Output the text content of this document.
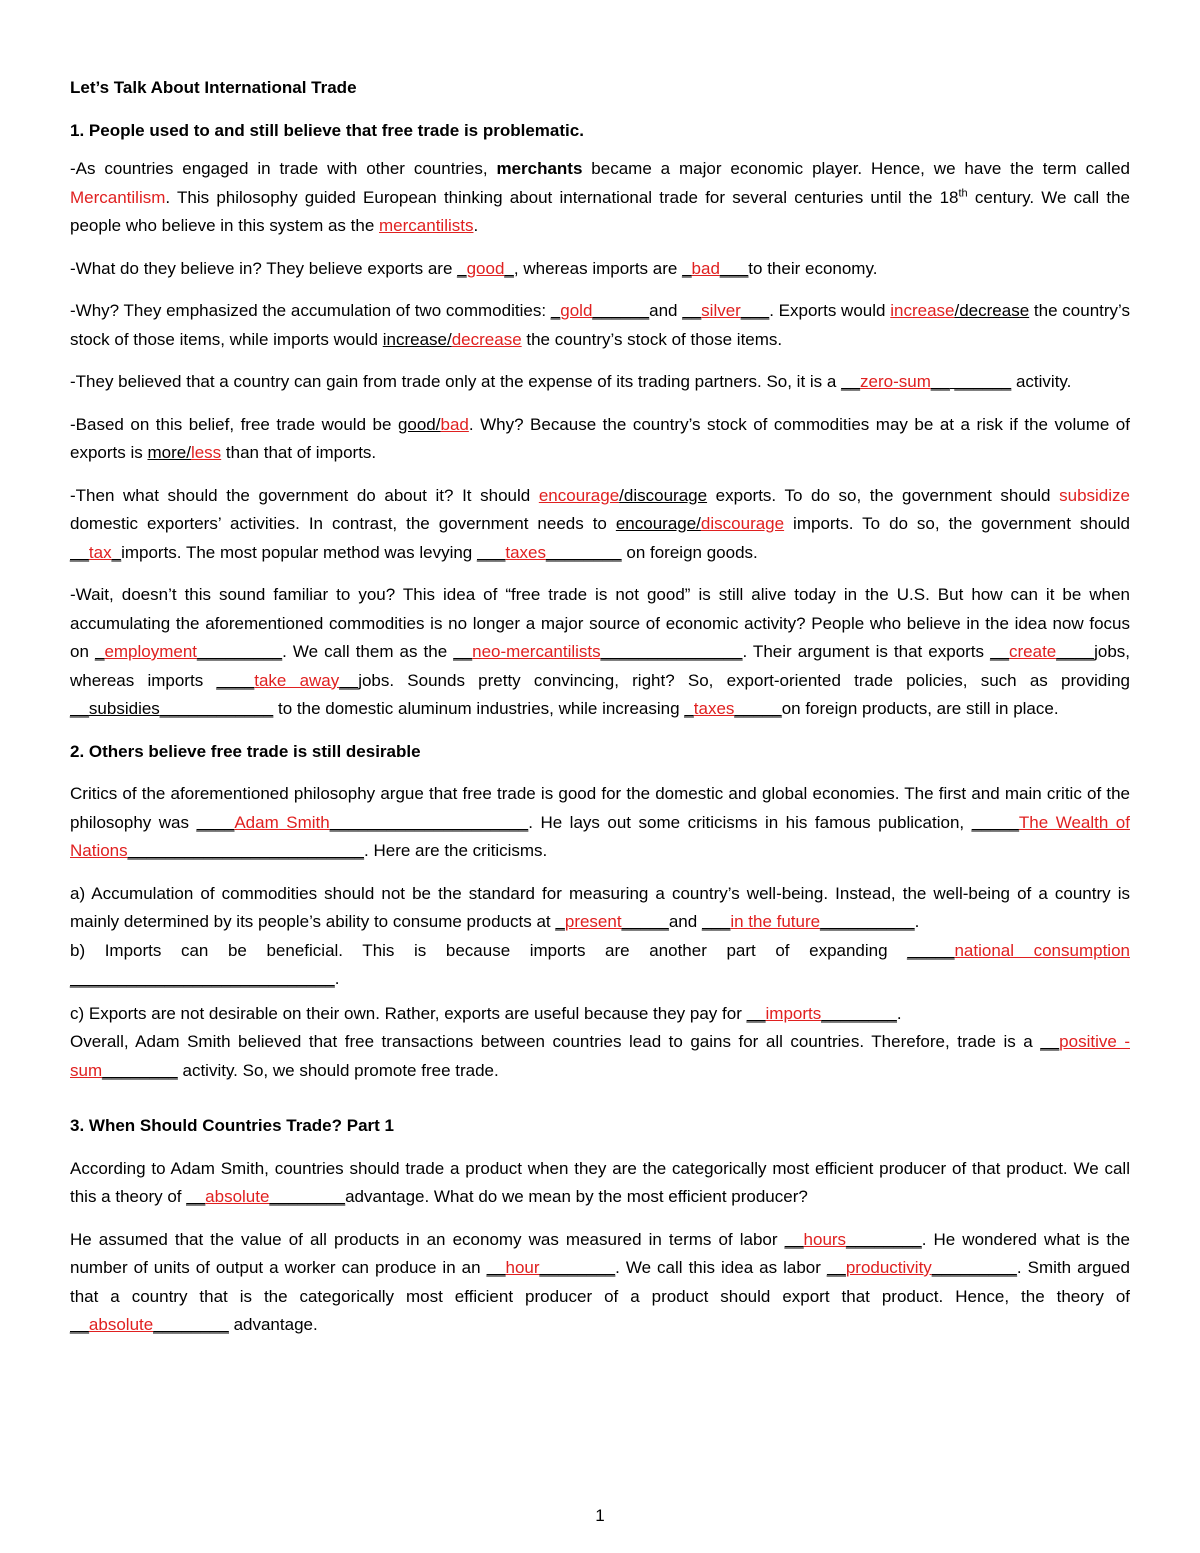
Let’s Talk About International Trade

1. People used to and still believe that free trade is problematic.

-As countries engaged in trade with other countries, merchants became a major economic player. Hence, we have the term called Mercantilism. This philosophy guided European thinking about international trade for several centuries until the 18th century. We call the people who believe in this system as the mercantilists.

-What do they believe in? They believe exports are _good_, whereas imports are _bad___to their economy.

-Why? They emphasized the accumulation of two commodities: _gold______and __silver___. Exports would increase/decrease the country’s stock of those items, while imports would increase/decrease the country’s stock of those items.

-They believed that a country can gain from trade only at the expense of its trading partners. So, it is a __zero-sum__ ______ activity.

-Based on this belief, free trade would be good/bad. Why? Because the country’s stock of commodities may be at a risk if the volume of exports is more/less than that of imports.

-Then what should the government do about it? It should encourage/discourage exports. To do so, the government should subsidize domestic exporters’ activities. In contrast, the government needs to encourage/discourage imports. To do so, the government should __tax_imports. The most popular method was levying ___taxes________ on foreign goods.

-Wait, doesn’t this sound familiar to you? This idea of “free trade is not good” is still alive today in the U.S. But how can it be when accumulating the aforementioned commodities is no longer a major source of economic activity? People who believe in the idea now focus on _employment_________. We call them as the __neo-mercantilists_______________. Their argument is that exports __create____jobs, whereas imports ____take away__jobs. Sounds pretty convincing, right? So, export-oriented trade policies, such as providing __subsidies____________ to the domestic aluminum industries, while increasing _taxes_____on foreign products, are still in place.

2. Others believe free trade is still desirable

Critics of the aforementioned philosophy argue that free trade is good for the domestic and global economies. The first and main critic of the philosophy was ____Adam Smith_____________________. He lays out some criticisms in his famous publication, _____The Wealth of Nations_________________________. Here are the criticisms.

a) Accumulation of commodities should not be the standard for measuring a country’s well-being. Instead, the well-being of a country is mainly determined by its people’s ability to consume products at _present_____and ___in the future__________.

b) Imports can be beneficial. This is because imports are another part of expanding _____national consumption ____________________________.

c) Exports are not desirable on their own. Rather, exports are useful because they pay for __imports________.

Overall, Adam Smith believed that free transactions between countries lead to gains for all countries. Therefore, trade is a __positive - sum________ activity. So, we should promote free trade.

3. When Should Countries Trade? Part 1

According to Adam Smith, countries should trade a product when they are the categorically most efficient producer of that product. We call this a theory of __absolute________advantage. What do we mean by the most efficient producer?

He assumed that the value of all products in an economy was measured in terms of labor __hours________. He wondered what is the number of units of output a worker can produce in an __hour________. We call this idea as labor __productivity_________. Smith argued that a country that is the categorically most efficient producer of a product should export that product. Hence, the theory of __absolute________ advantage.

1
